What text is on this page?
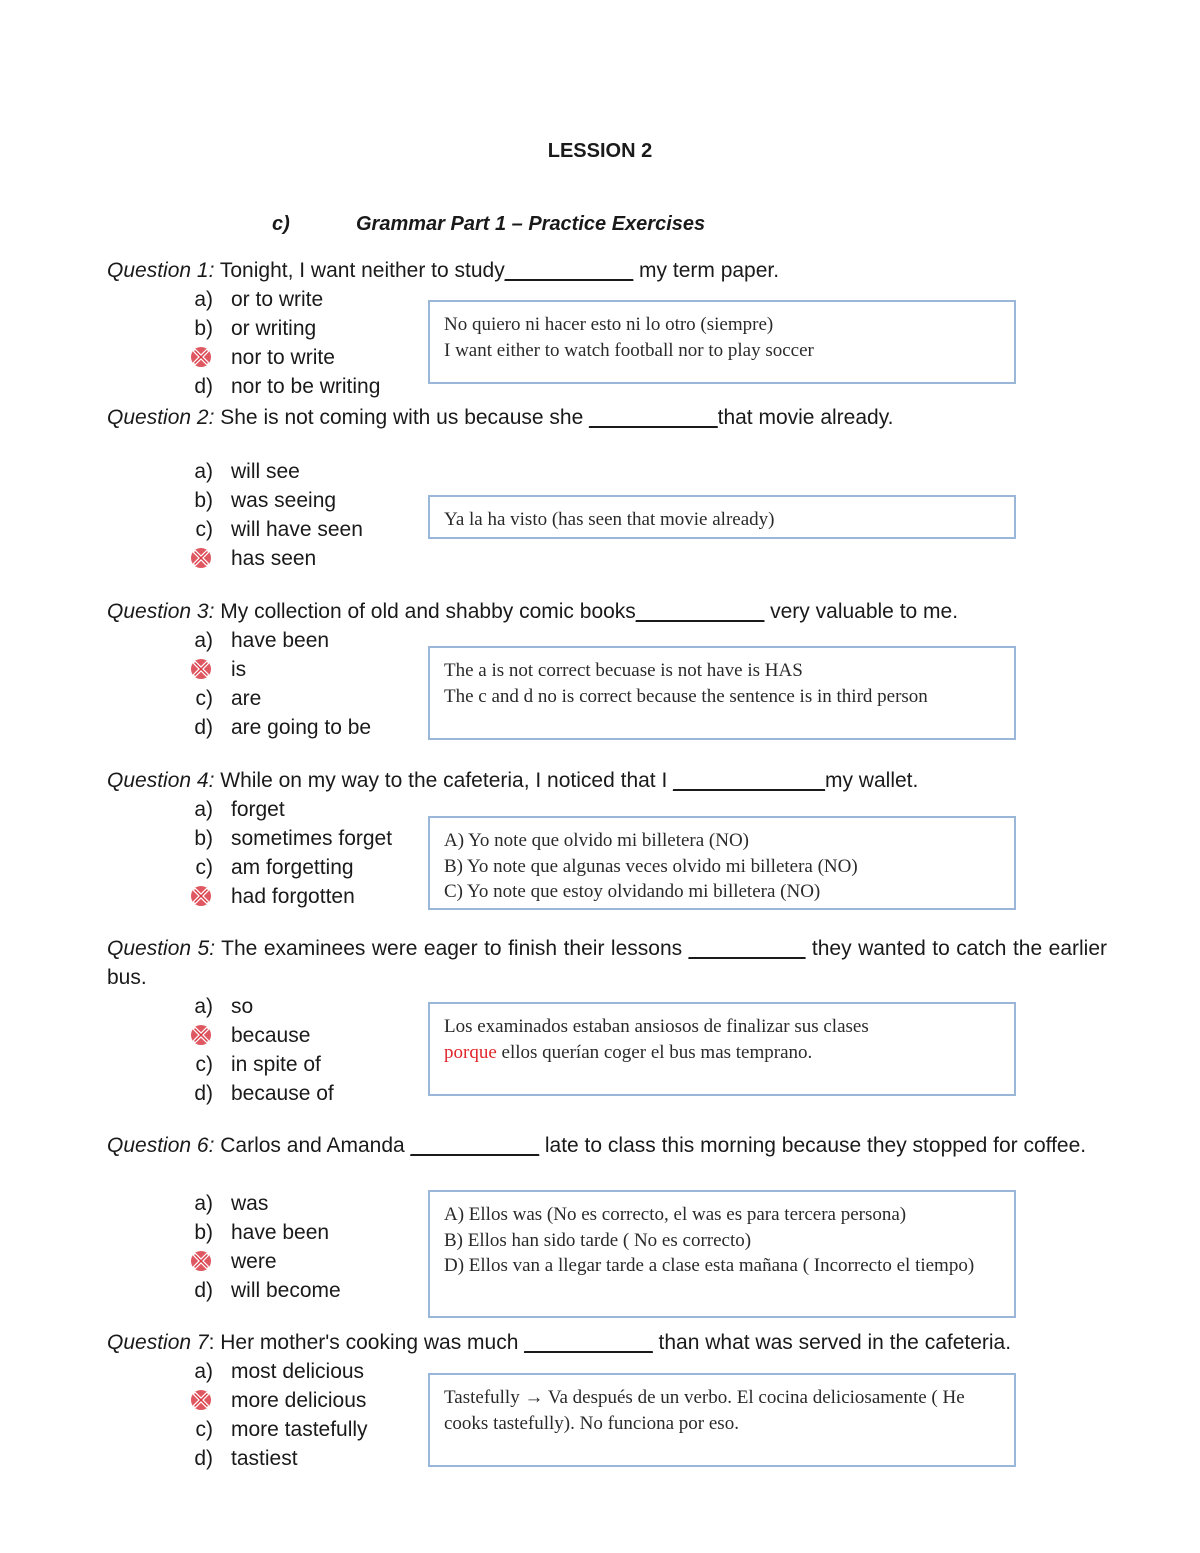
LESSION 2
c)	Grammar Part 1 – Practice Exercises
Question 1: Tonight, I want neither to study___________ my term paper.
a) or to write
b) or writing
nor to write
d) nor to be writing
No quiero ni hacer esto ni lo otro (siempre)
I want either to watch football nor to play soccer
Question 2: She is not coming with us because she ___________that movie already.
a) will see
b) was seeing
c) will have seen
has seen
Ya la ha visto (has seen that movie already)
Question 3: My collection of old and shabby comic books___________ very valuable to me.
a) have been
is
c) are
d) are going to be
The a is not correct becuase is not have is HAS
The c and d no is correct because the sentence is in third person
Question 4: While on my way to the cafeteria, I noticed that I _____________my wallet.
a) forget
b) sometimes forget
c) am forgetting
had forgotten
A) Yo note que olvido mi billetera (NO)
B) Yo note que algunas veces olvido mi billetera (NO)
C) Yo note que estoy olvidando mi billetera (NO)
Question 5: The examinees were eager to finish their lessons __________ they wanted to catch the earlier bus.
a) so
because
c) in spite of
d) because of
Los examinados estaban ansiosos de finalizar sus clases
porque ellos querían coger el bus mas temprano.
Question 6: Carlos and Amanda ___________ late to class this morning because they stopped for coffee.
a) was
b) have been
were
d) will become
A) Ellos was (No es correcto, el was es para tercera persona)
B) Ellos han sido tarde ( No es correcto)
D) Ellos van a llegar tarde a clase esta mañana ( Incorrecto el tiempo)
Question 7: Her mother's cooking was much ___________ than what was served in the cafeteria.
a) most delicious
more delicious
c) more tastefully
d) tastiest
Tastefully → Va después de un verbo. El cocina deliciosamente ( He cooks tastefully). No funciona por eso.
